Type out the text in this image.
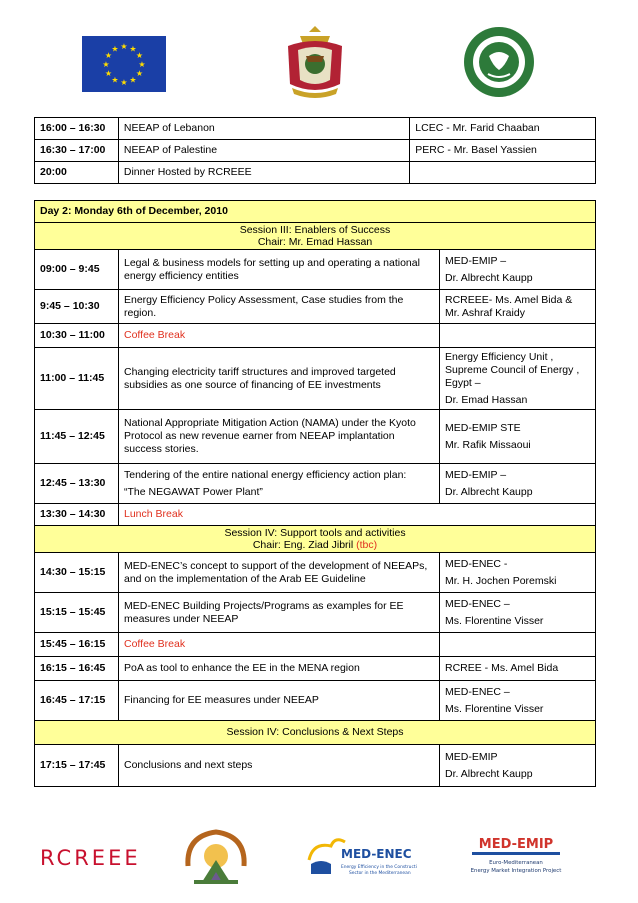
★ ★
★
★
★
★
★
★
★
★
★
★
16:00 – 16:30	NEEAP of Lebanon	LCEC - Mr. Farid Chaaban
16:30 – 17:00	NEEAP of Palestine	PERC - Mr. Basel Yassien
20:00	Dinner Hosted by RCREEE	
Day 2: Monday 6th of December, 2010		

Session III: Enablers of Success
Chair: Mr. Emad Hassan		

09:00 – 9:45	Legal & business models for setting up and operating a national energy efficiency entities	MED-EMIP –
Dr. Albrecht Kaupp

9:45 – 10:30	Energy Efficiency Policy Assessment, Case studies from the region.	RCREEE- Ms. Amel Bida &
Mr. Ashraf Kraidy

10:30 – 11:00	Coffee Break	
11:00 – 11:45	Changing electricity tariff structures and improved targeted subsidies as one source of financing of EE investments	Energy Efficiency Unit , Supreme Council of Energy , Egypt –
Dr. Emad Hassan

11:45 – 12:45	National Appropriate Mitigation Action (NAMA) under the Kyoto Protocol as new revenue earner from NEEAP implantation success stories.	MED-EMIP STE
Mr. Rafik Missaoui

12:45 – 13:30	Tendering of the entire national energy efficiency action plan:
“The NEGAWAT Power Plant”	MED-EMIP –
Dr. Albrecht Kaupp

13:30 – 14:30	Lunch Break	

Session IV: Support tools and activities
Chair: Eng. Ziad Jibril (tbc)		

14:30 – 15:15	MED-ENEC’s concept to support of the development of NEEAPs, and on the implementation of the Arab EE Guideline	MED-ENEC -
Mr. H. Jochen Poremski

15:15 – 15:45	MED-ENEC Building Projects/Programs as examples for EE measures under NEEAP	MED-ENEC –
Ms. Florentine Visser

15:45 – 16:15	Coffee Break	
16:15 – 16:45	PoA as tool to enhance the EE in the MENA region	RCREE - Ms. Amel Bida
16:45 – 17:15	Financing for EE measures under NEEAP	MED-ENEC –
Ms. Florentine Visser

Session IV: Conclusions & Next Steps		
17:15 – 17:45	Conclusions and next steps	MED-EMIP
Dr. Albrecht Kaupp
RCREEE	MED-ENEC
Energy Efficiency in the Construction
Sector in the Mediterranean
MED-EMIP
Euro-Mediterranean
Energy Market Integration Project
